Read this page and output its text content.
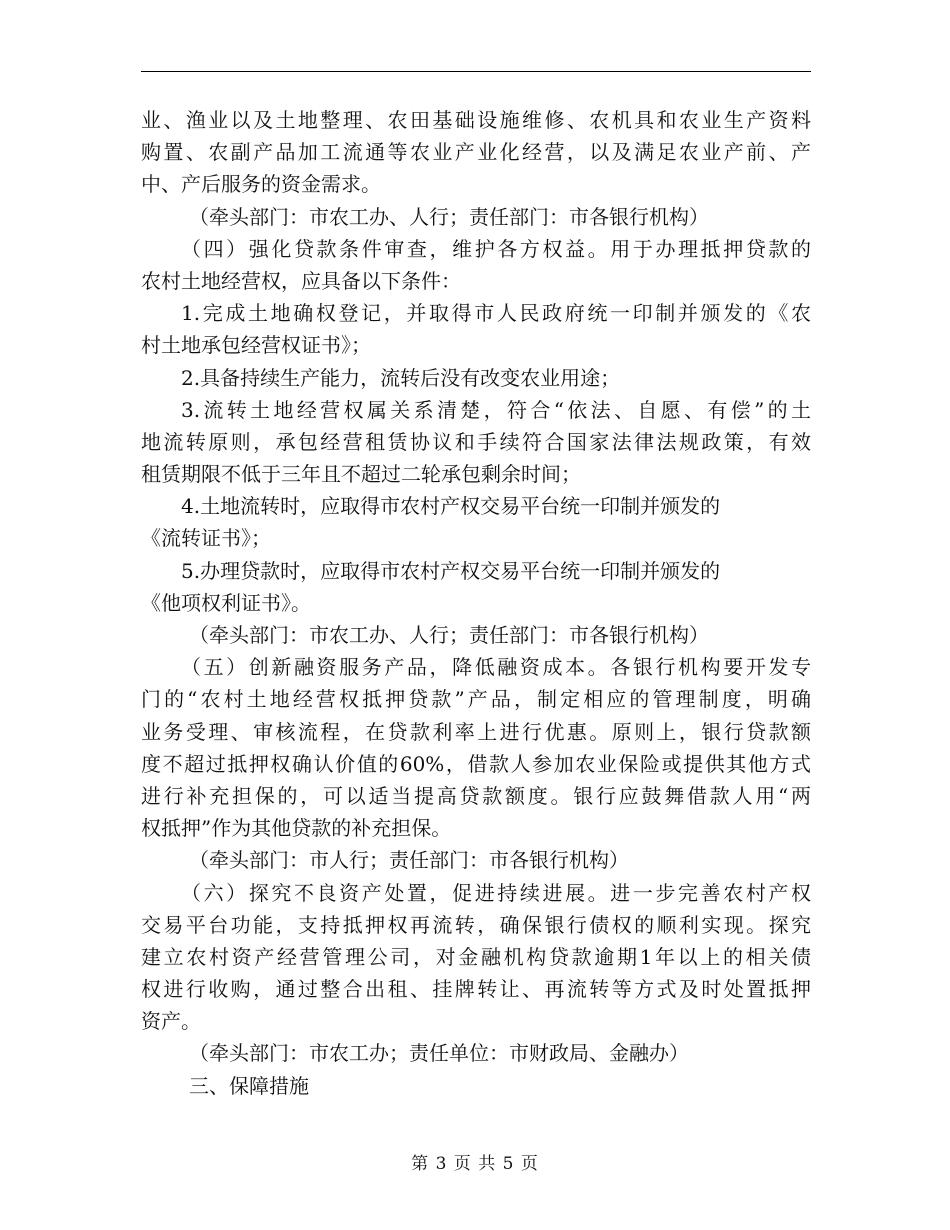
业、渔业以及土地整理、农田基础设施维修、农机具和农业生产资料
购置、农副产品加工流通等农业产业化经营，以及满足农业产前、产
中、产后服务的资金需求。
（牵头部门：市农工办、人行；责任部门：市各银行机构）
（四）强化贷款条件审查，维护各方权益。用于办理抵押贷款的
农村土地经营权，应具备以下条件：
1.完成土地确权登记，并取得市人民政府统一印制并颁发的《农
村土地承包经营权证书》；
2.具备持续生产能力，流转后没有改变农业用途；
3.流转土地经营权属关系清楚，符合“依法、自愿、有偿”的土
地流转原则，承包经营租赁协议和手续符合国家法律法规政策，有效
租赁期限不低于三年且不超过二轮承包剩余时间；
4.土地流转时，应取得市农村产权交易平台统一印制并颁发的
《流转证书》；
5.办理贷款时，应取得市农村产权交易平台统一印制并颁发的
《他项权利证书》。
（牵头部门：市农工办、人行；责任部门：市各银行机构）
（五）创新融资服务产品，降低融资成本。各银行机构要开发专
门的“农村土地经营权抵押贷款”产品，制定相应的管理制度，明确
业务受理、审核流程，在贷款利率上进行优惠。原则上，银行贷款额
度不超过抵押权确认价值的60%，借款人参加农业保险或提供其他方式
进行补充担保的，可以适当提高贷款额度。银行应鼓舞借款人用“两
权抵押”作为其他贷款的补充担保。
（牵头部门：市人行；责任部门：市各银行机构）
（六）探究不良资产处置，促进持续进展。进一步完善农村产权
交易平台功能，支持抵押权再流转，确保银行债权的顺利实现。探究
建立农村资产经营管理公司，对金融机构贷款逾期1年以上的相关债
权进行收购，通过整合出租、挂牌转让、再流转等方式及时处置抵押
资产。
（牵头部门：市农工办；责任单位：市财政局、金融办）
三、保障措施
第 3 页 共 5 页
